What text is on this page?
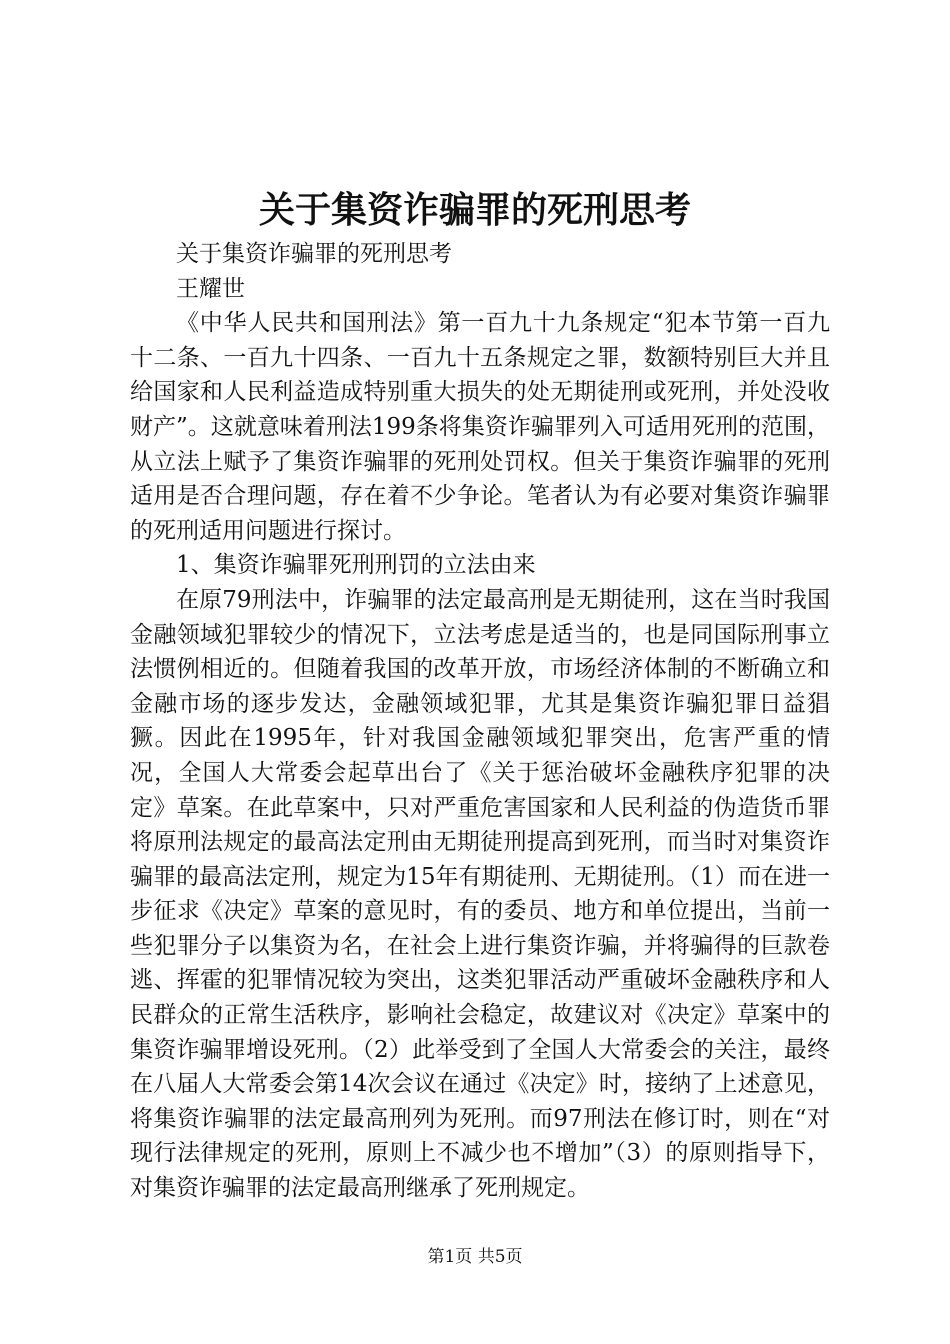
关于集资诈骗罪的死刑思考

关于集资诈骗罪的死刑思考

王耀世

《中华人民共和国刑法》第一百九十九条规定“犯本节第一百九十二条、一百九十四条、一百九十五条规定之罪，数额特别巨大并且给国家和人民利益造成特别重大损失的处无期徒刑或死刑，并处没收财产”。这就意味着刑法199条将集资诈骗罪列入可适用死刑的范围，从立法上赋予了集资诈骗罪的死刑处罚权。但关于集资诈骗罪的死刑适用是否合理问题，存在着不少争论。笔者认为有必要对集资诈骗罪的死刑适用问题进行探讨。

1、集资诈骗罪死刑刑罚的立法由来

在原79刑法中，诈骗罪的法定最高刑是无期徒刑，这在当时我国金融领域犯罪较少的情况下，立法考虑是适当的，也是同国际刑事立法惯例相近的。但随着我国的改革开放，市场经济体制的不断确立和金融市场的逐步发达，金融领域犯罪，尤其是集资诈骗犯罪日益猖獗。因此在1995年，针对我国金融领域犯罪突出，危害严重的情况，全国人大常委会起草出台了《关于惩治破坏金融秩序犯罪的决定》草案。在此草案中，只对严重危害国家和人民利益的伪造货币罪将原刑法规定的最高法定刑由无期徒刑提高到死刑，而当时对集资诈骗罪的最高法定刑，规定为15年有期徒刑、无期徒刑。（1）而在进一步征求《决定》草案的意见时，有的委员、地方和单位提出，当前一些犯罪分子以集资为名，在社会上进行集资诈骗，并将骗得的巨款卷逃、挥霍的犯罪情况较为突出，这类犯罪活动严重破坏金融秩序和人民群众的正常生活秩序，影响社会稳定，故建议对《决定》草案中的集资诈骗罪增设死刑。（2）此举受到了全国人大常委会的关注，最终在八届人大常委会第14次会议在通过《决定》时，接纳了上述意见，将集资诈骗罪的法定最高刑列为死刑。而97刑法在修订时，则在“对现行法律规定的死刑，原则上不减少也不增加”（3）的原则指导下，对集资诈骗罪的法定最高刑继承了死刑规定。

第1页 共5页
